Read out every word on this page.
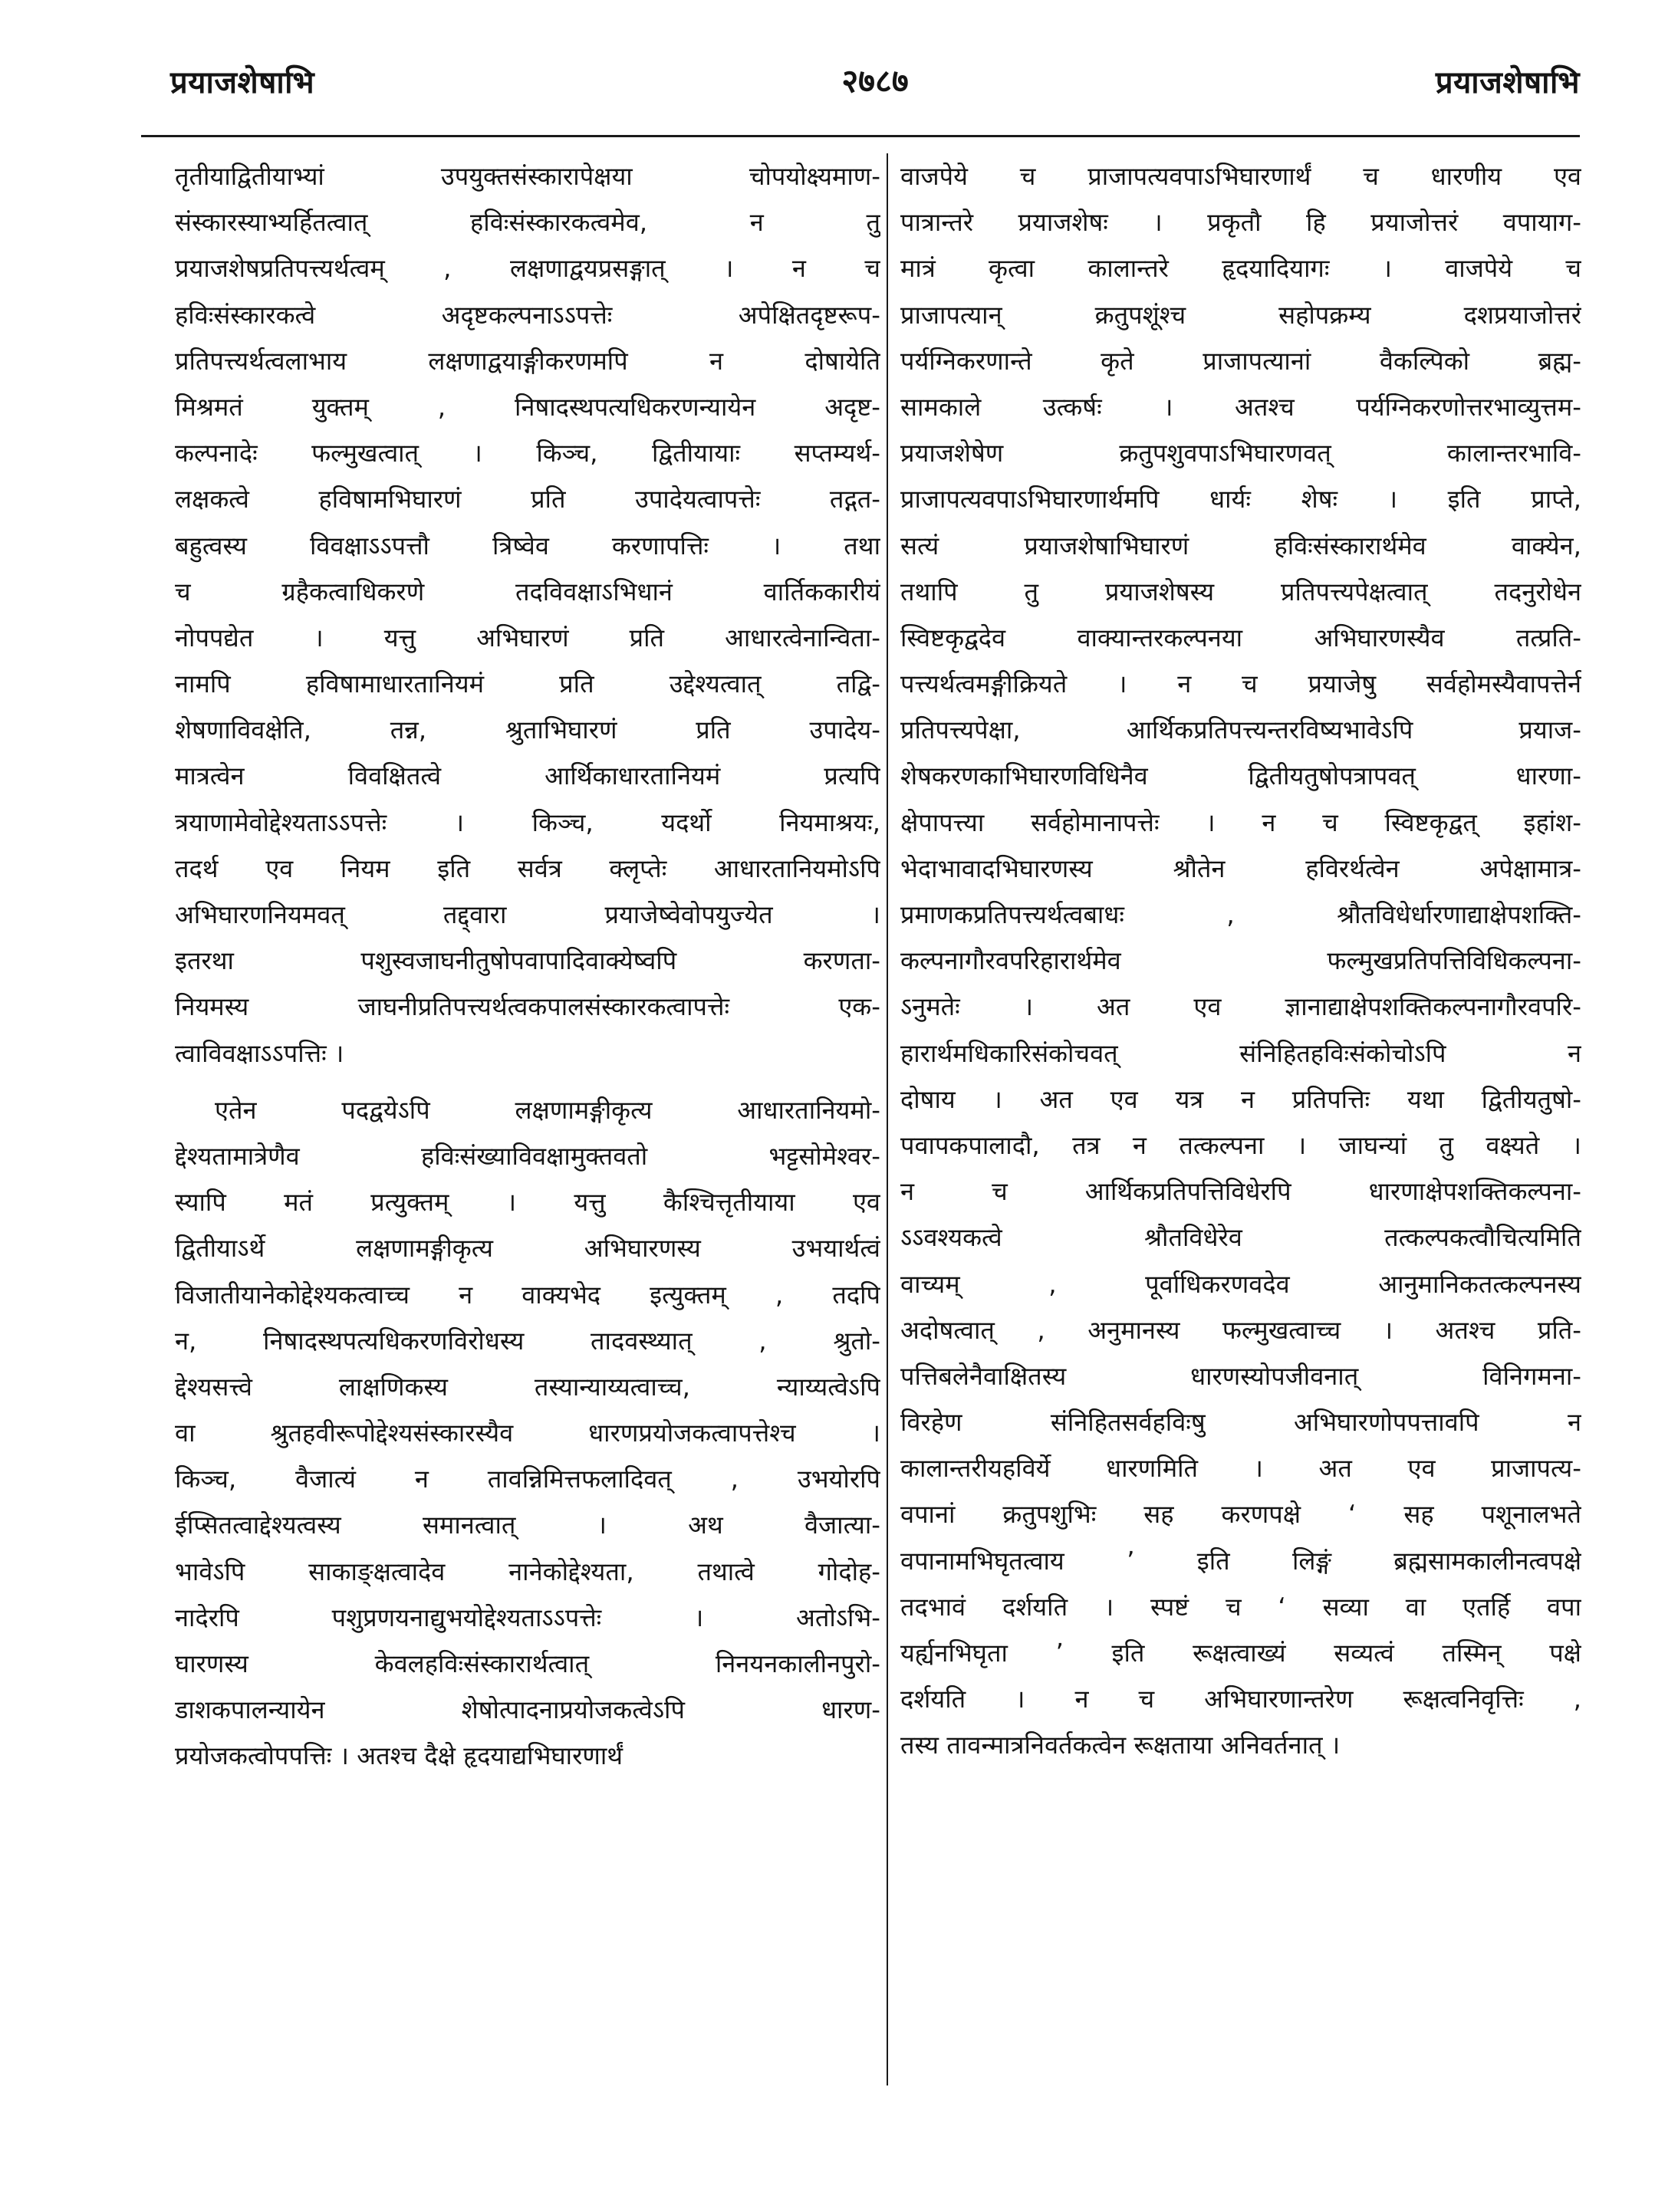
प्रयाजशेषाभि	२७८७	प्रयाजशेषाभि
तृतीयाद्वितीयाभ्यां उपयुक्तसंस्कारापेक्षया चोपयोक्ष्यमाण-
संस्कारस्याभ्यर्हितत्वात् हविःसंस्कारकत्वमेव, न तु
प्रयाजशेषप्रतिपत्त्यर्थत्वम् , लक्षणाद्वयप्रसङ्गात् । न च
हविःसंस्कारकत्वे अदृष्टकल्पनाऽऽपत्तेः अपेक्षितदृष्टरूप-
प्रतिपत्त्यर्थत्वलाभाय लक्षणाद्वयाङ्गीकरणमपि न दोषायेति
मिश्रमतं युक्तम् , निषादस्थपत्यधिकरणन्यायेन अदृष्ट-
कल्पनादेः फल्मुखत्वात् । किञ्च, द्वितीयायाः सप्तम्यर्थ-
लक्षकत्वे हविषामभिघारणं प्रति उपादेयत्वापत्तेः तद्गत-
बहुत्वस्य विवक्षाऽऽपत्तौ त्रिष्वेव करणापत्तिः । तथा
च ग्रहैकत्वाधिकरणे तदविवक्षाऽभिधानं वार्तिककारीयं
नोपपद्येत । यत्तु अभिघारणं प्रति आधारत्वेनान्विता-
नामपि हविषामाधारतानियमं प्रति उद्देश्यत्वात् तद्वि-
शेषणाविवक्षेति, तन्न, श्रुताभिघारणं प्रति उपादेय-
मात्रत्वेन विवक्षितत्वे आर्थिकाधारतानियमं प्रत्यपि
त्रयाणामेवोद्देश्यताऽऽपत्तेः । किञ्च, यदर्थो नियमाश्रयः,
तदर्थ एव नियम इति सर्वत्र क्लृप्तेः आधारतानियमोऽपि
अभिघारणनियमवत् तद्द्वारा प्रयाजेष्वेवोपयुज्येत ।
इतरथा पशुस्वजाघनीतुषोपवापादिवाक्येष्वपि करणता-
नियमस्य जाघनीप्रतिपत्त्यर्थत्वकपालसंस्कारकत्वापत्तेः एक-
त्वाविवक्षाऽऽपत्तिः ।
एतेन पदद्वयेऽपि लक्षणामङ्गीकृत्य आधारतानियमो-
द्देश्यतामात्रेणैव हविःसंख्याविवक्षामुक्तवतो भट्टसोमेश्वर-
स्यापि मतं प्रत्युक्तम् । यत्तु कैश्चित्तृतीयाया एव
द्वितीयाऽर्थे लक्षणामङ्गीकृत्य अभिघारणस्य उभयार्थत्वं
विजातीयानेकोद्देश्यकत्वाच्च न वाक्यभेद इत्युक्तम् , तदपि
न, निषादस्थपत्यधिकरणविरोधस्य तादवस्थ्यात् , श्रुतो-
द्देश्यसत्त्वे लाक्षणिकस्य तस्यान्याय्यत्वाच्च, न्याय्यत्वेऽपि
वा श्रुतहवीरूपोद्देश्यसंस्कारस्यैव धारणप्रयोजकत्वापत्तेश्च ।
किञ्च, वैजात्यं न तावन्निमित्तफलादिवत् , उभयोरपि
ईप्सितत्वाद्देश्यत्वस्य समानत्वात् । अथ वैजात्या-
भावेऽपि साकाङ्क्षत्वादेव नानेकोद्देश्यता, तथात्वे गोदोह-
नादेरपि पशुप्रणयनाद्युभयोद्देश्यताऽऽपत्तेः । अतोऽभि-
घारणस्य केवलहविःसंस्कारार्थत्वात् निनयनकालीनपुरो-
डाशकपालन्यायेन शेषोत्पादनाप्रयोजकत्वेऽपि धारण-
प्रयोजकत्वोपपत्तिः । अतश्च दैक्षे हृदयाद्यभिघारणार्थं
वाजपेये च प्राजापत्यवपाऽभिघारणार्थं च धारणीय एव
पात्रान्तरे प्रयाजशेषः । प्रकृतौ हि प्रयाजोत्तरं वपायाग-
मात्रं कृत्वा कालान्तरे हृदयादियागः । वाजपेये च
प्राजापत्यान् क्रतुपशूंश्च सहोपक्रम्य दशप्रयाजोत्तरं
पर्यग्निकरणान्ते कृते प्राजापत्यानां वैकल्पिको ब्रह्म-
सामकाले उत्कर्षः । अतश्च पर्यग्निकरणोत्तरभाव्युत्तम-
प्रयाजशेषेण क्रतुपशुवपाऽभिघारणवत् कालान्तरभावि-
प्राजापत्यवपाऽभिघारणार्थमपि धार्यः शेषः । इति प्राप्ते,
सत्यं प्रयाजशेषाभिघारणं हविःसंस्कारार्थमेव वाक्येन,
तथापि तु प्रयाजशेषस्य प्रतिपत्त्यपेक्षत्वात् तदनुरोधेन
स्विष्टकृद्वदेव वाक्यान्तरकल्पनया अभिघारणस्यैव तत्प्रति-
पत्त्यर्थत्वमङ्गीक्रियते । न च प्रयाजेषु सर्वहोमस्यैवापत्तेर्न
प्रतिपत्त्यपेक्षा, आर्थिकप्रतिपत्त्यन्तरविष्यभावेऽपि प्रयाज-
शेषकरणकाभिघारणविधिनैव द्वितीयतुषोपत्रापवत् धारणा-
क्षेपापत्त्या सर्वहोमानापत्तेः । न च स्विष्टकृद्वत् इहांश-
भेदाभावादभिघारणस्य श्रौतेन हविरर्थत्वेन अपेक्षामात्र-
प्रमाणकप्रतिपत्त्यर्थत्वबाधः , श्रौतविधेर्धारणाद्याक्षेपशक्ति-
कल्पनागौरवपरिहारार्थमेव फल्मुखप्रतिपत्तिविधिकल्पना-
ऽनुमतेः । अत एव ज्ञानाद्याक्षेपशक्तिकल्पनागौरवपरि-
हारार्थमधिकारिसंकोचवत् संनिहितहविःसंकोचोऽपि न
दोषाय । अत एव यत्र न प्रतिपत्तिः यथा द्वितीयतुषो-
पवापकपालादौ, तत्र न तत्कल्पना । जाघन्यां तु वक्ष्यते ।
न च आर्थिकप्रतिपत्तिविधेरपि धारणाक्षेपशक्तिकल्पना-
ऽऽवश्यकत्वे श्रौतविधेरेव तत्कल्पकत्वौचित्यमिति
वाच्यम् , पूर्वाधिकरणवदेव आनुमानिकतत्कल्पनस्य
अदोषत्वात् , अनुमानस्य फल्मुखत्वाच्च । अतश्च प्रति-
पत्तिबलेनैवाक्षितस्य धारणस्योपजीवनात् विनिगमना-
विरहेण संनिहितसर्वहविःषु अभिघारणोपपत्तावपि न
कालान्तरीयहविर्ये धारणमिति । अत एव प्राजापत्य-
वपानां क्रतुपशुभिः सह करणपक्षे ‘ सह पशूनालभते
वपानामभिघृतत्वाय ’ इति लिङ्गं ब्रह्मसामकालीनत्वपक्षे
तदभावं दर्शयति । स्पष्टं च ‘ सव्या वा एतर्हि वपा
यर्ह्यनभिघृता ’ इति रूक्षत्वाख्यं सव्यत्वं तस्मिन् पक्षे
दर्शयति । न च अभिघारणान्तरेण रूक्षत्वनिवृत्तिः ,
तस्य तावन्मात्रनिवर्तकत्वेन रूक्षताया अनिवर्तनात् ।
